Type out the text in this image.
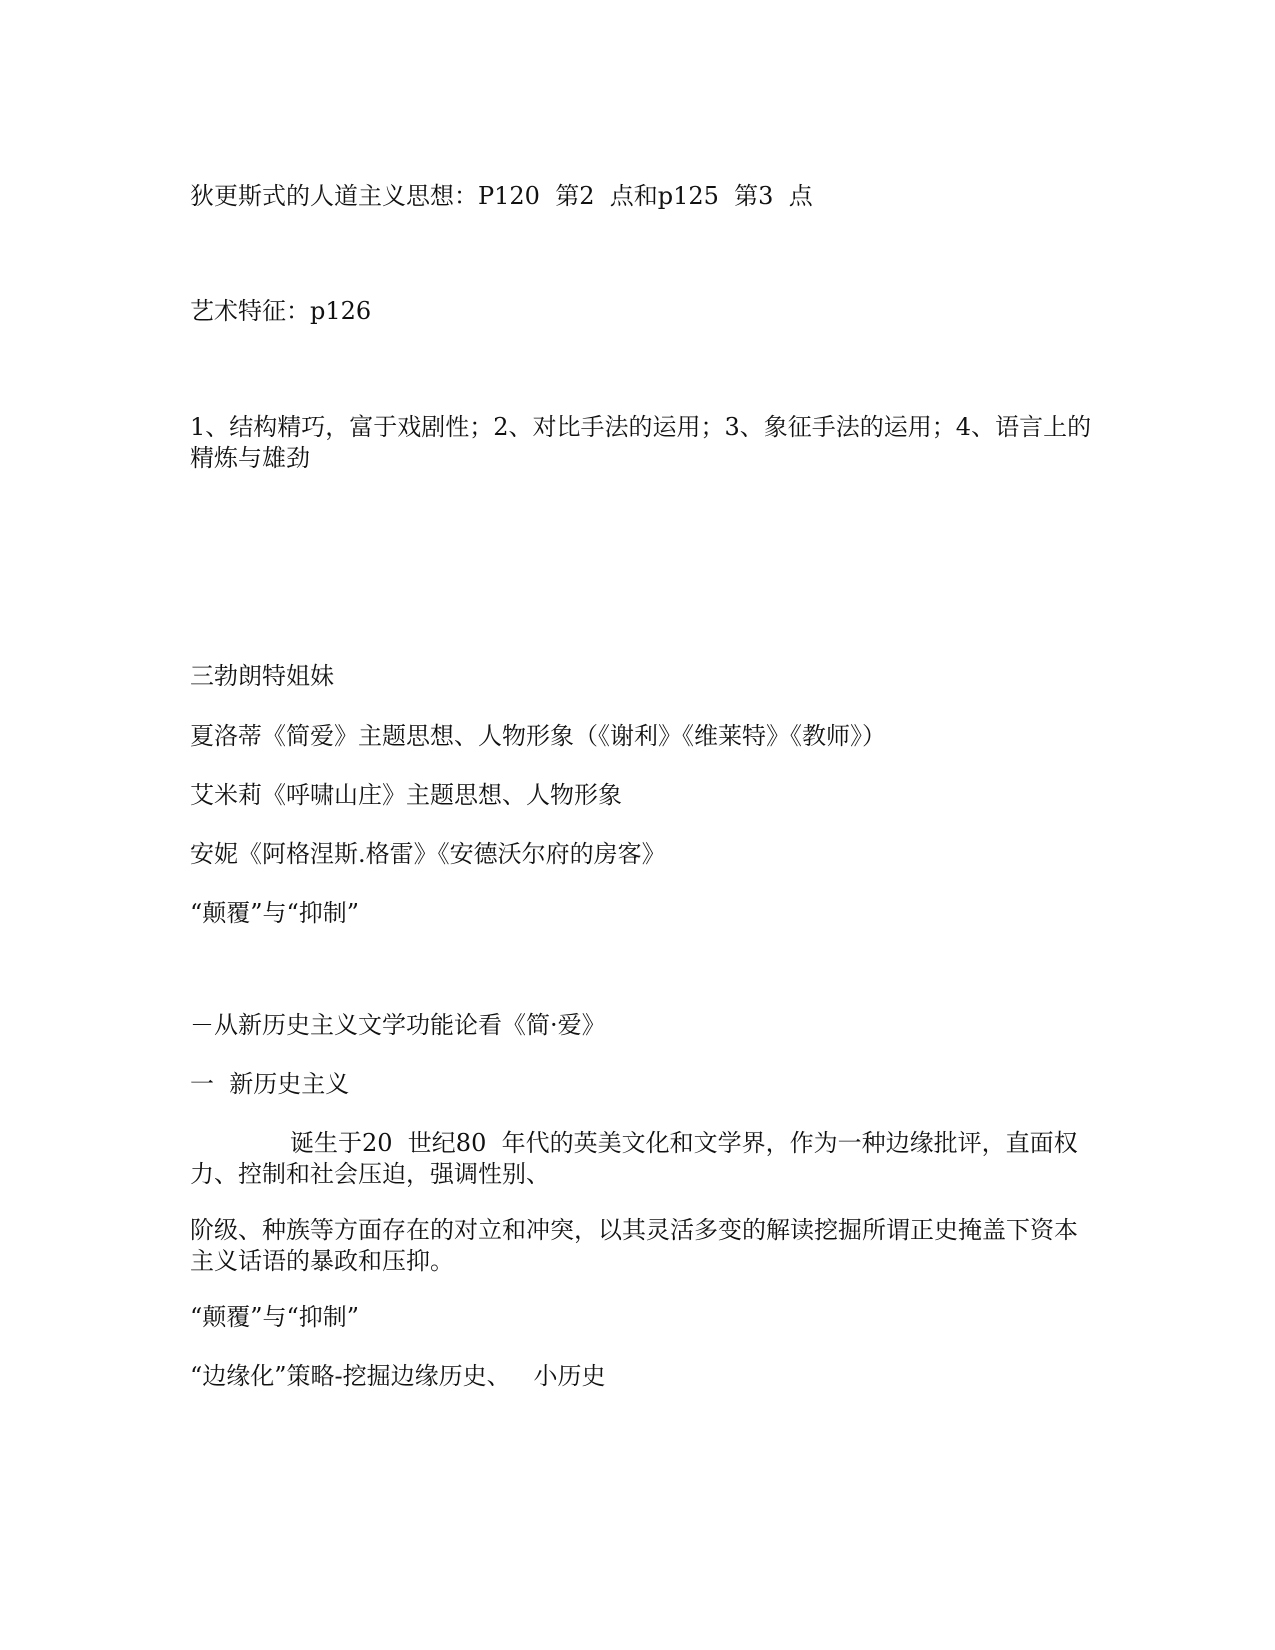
狄更斯式的人道主义思想：P120  第2  点和p125  第3  点
艺术特征：p126
1、结构精巧，富于戏剧性；2、对比手法的运用；3、象征手法的运用；4、语言上的精炼与雄劲
三勃朗特姐妹
夏洛蒂《简爱》主题思想、人物形象（《谢利》《维莱特》《教师》）
艾米莉《呼啸山庄》主题思想、人物形象
安妮《阿格涅斯.格雷》《安德沃尔府的房客》
“颠覆”与“抑制”
－从新历史主义文学功能论看《简·爱》
一  新历史主义
诞生于20  世纪80  年代的英美文化和文学界，作为一种边缘批评，直面权力、控制和社会压迫，强调性别、
阶级、种族等方面存在的对立和冲突，以其灵活多变的解读挖掘所谓正史掩盖下资本主义话语的暴政和压抑。
“颠覆”与“抑制”
“边缘化”策略-挖掘边缘历史、   小历史
